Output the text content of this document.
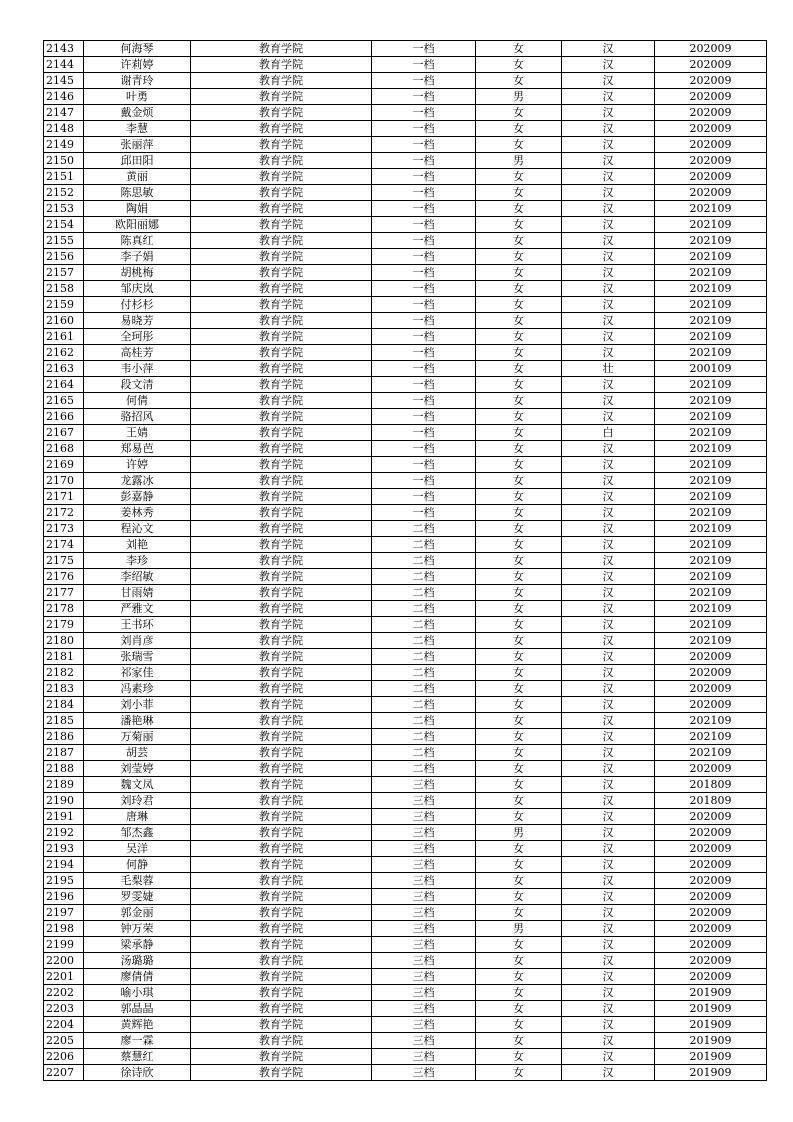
2143	何海琴	教育学院	一档	女	汉	202009
2144	许莉婷	教育学院	一档	女	汉	202009
2145	谢青玲	教育学院	一档	女	汉	202009
2146	叶勇	教育学院	一档	男	汉	202009
2147	戴金烦	教育学院	一档	女	汉	202009
2148	李慧	教育学院	一档	女	汉	202009
2149	张丽萍	教育学院	一档	女	汉	202009
2150	邱田阳	教育学院	一档	男	汉	202009
2151	黄丽	教育学院	一档	女	汉	202009
2152	陈思敏	教育学院	一档	女	汉	202009
2153	陶娟	教育学院	一档	女	汉	202109
2154	欧阳丽娜	教育学院	一档	女	汉	202109
2155	陈真红	教育学院	一档	女	汉	202109
2156	李子娟	教育学院	一档	女	汉	202109
2157	胡桃梅	教育学院	一档	女	汉	202109
2158	邹庆岚	教育学院	一档	女	汉	202109
2159	付杉杉	教育学院	一档	女	汉	202109
2160	易晓芳	教育学院	一档	女	汉	202109
2161	全珂彤	教育学院	一档	女	汉	202109
2162	高桂芳	教育学院	一档	女	汉	202109
2163	韦小萍	教育学院	一档	女	壮	200109
2164	段文清	教育学院	一档	女	汉	202109
2165	何倩	教育学院	一档	女	汉	202109
2166	骆招风	教育学院	一档	女	汉	202109
2167	王婧	教育学院	一档	女	白	202109
2168	郑易芭	教育学院	一档	女	汉	202109
2169	许婷	教育学院	一档	女	汉	202109
2170	龙露冰	教育学院	一档	女	汉	202109
2171	彭嘉静	教育学院	一档	女	汉	202109
2172	姜林秀	教育学院	一档	女	汉	202109
2173	程沁文	教育学院	二档	女	汉	202109
2174	刘艳	教育学院	二档	女	汉	202109
2175	李珍	教育学院	二档	女	汉	202109
2176	李绍敏	教育学院	二档	女	汉	202109
2177	甘雨婧	教育学院	二档	女	汉	202109
2178	严雅文	教育学院	二档	女	汉	202109
2179	王书环	教育学院	二档	女	汉	202109
2180	刘肖彦	教育学院	二档	女	汉	202109
2181	张瑞雪	教育学院	二档	女	汉	202009
2182	祁家佳	教育学院	二档	女	汉	202009
2183	冯素珍	教育学院	二档	女	汉	202009
2184	刘小菲	教育学院	二档	女	汉	202009
2185	潘艳琳	教育学院	二档	女	汉	202109
2186	万菊丽	教育学院	二档	女	汉	202109
2187	胡芸	教育学院	二档	女	汉	202109
2188	刘莹婷	教育学院	二档	女	汉	202009
2189	魏文凤	教育学院	三档	女	汉	201809
2190	刘玲君	教育学院	三档	女	汉	201809
2191	唐琳	教育学院	三档	女	汉	202009
2192	邹杰鑫	教育学院	三档	男	汉	202009
2193	吴洋	教育学院	三档	女	汉	202009
2194	何静	教育学院	三档	女	汉	202009
2195	毛梨蓉	教育学院	三档	女	汉	202009
2196	罗雯婕	教育学院	三档	女	汉	202009
2197	郭金丽	教育学院	三档	女	汉	202009
2198	钟万荣	教育学院	三档	男	汉	202009
2199	梁承静	教育学院	三档	女	汉	202009
2200	汤璐璐	教育学院	三档	女	汉	202009
2201	廖倩倩	教育学院	三档	女	汉	202009
2202	喻小琪	教育学院	三档	女	汉	201909
2203	郭晶晶	教育学院	三档	女	汉	201909
2204	黄辉艳	教育学院	三档	女	汉	201909
2205	廖一霖	教育学院	三档	女	汉	201909
2206	蔡慧红	教育学院	三档	女	汉	201909
2207	徐诗欣	教育学院	三档	女	汉	201909
